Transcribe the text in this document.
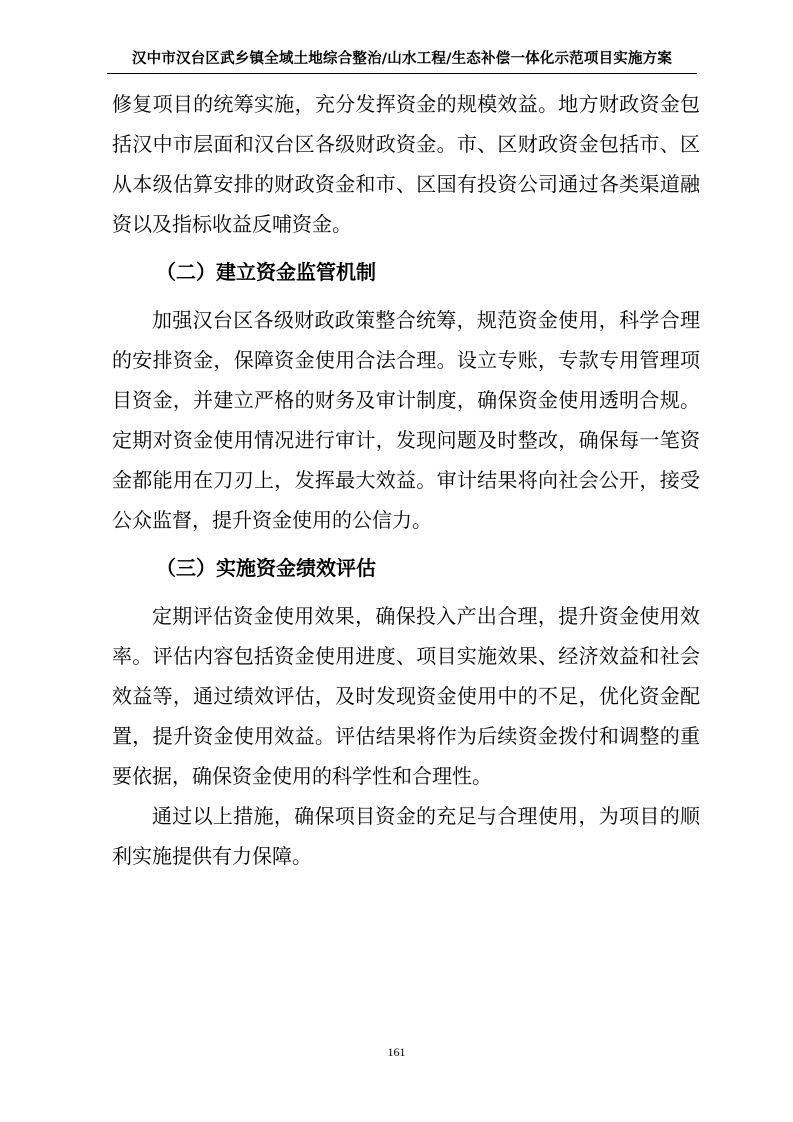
汉中市汉台区武乡镇全域土地综合整治/山水工程/生态补偿一体化示范项目实施方案

修复项目的统筹实施，充分发挥资金的规模效益。地方财政资金包括汉中市层面和汉台区各级财政资金。市、区财政资金包括市、区从本级估算安排的财政资金和市、区国有投资公司通过各类渠道融资以及指标收益反哺资金。

（二）建立资金监管机制

加强汉台区各级财政政策整合统筹，规范资金使用，科学合理的安排资金，保障资金使用合法合理。设立专账，专款专用管理项目资金，并建立严格的财务及审计制度，确保资金使用透明合规。定期对资金使用情况进行审计，发现问题及时整改，确保每一笔资金都能用在刀刃上，发挥最大效益。审计结果将向社会公开，接受公众监督，提升资金使用的公信力。

（三）实施资金绩效评估

定期评估资金使用效果，确保投入产出合理，提升资金使用效率。评估内容包括资金使用进度、项目实施效果、经济效益和社会效益等，通过绩效评估，及时发现资金使用中的不足，优化资金配置，提升资金使用效益。评估结果将作为后续资金拨付和调整的重要依据，确保资金使用的科学性和合理性。

通过以上措施，确保项目资金的充足与合理使用，为项目的顺利实施提供有力保障。

161
